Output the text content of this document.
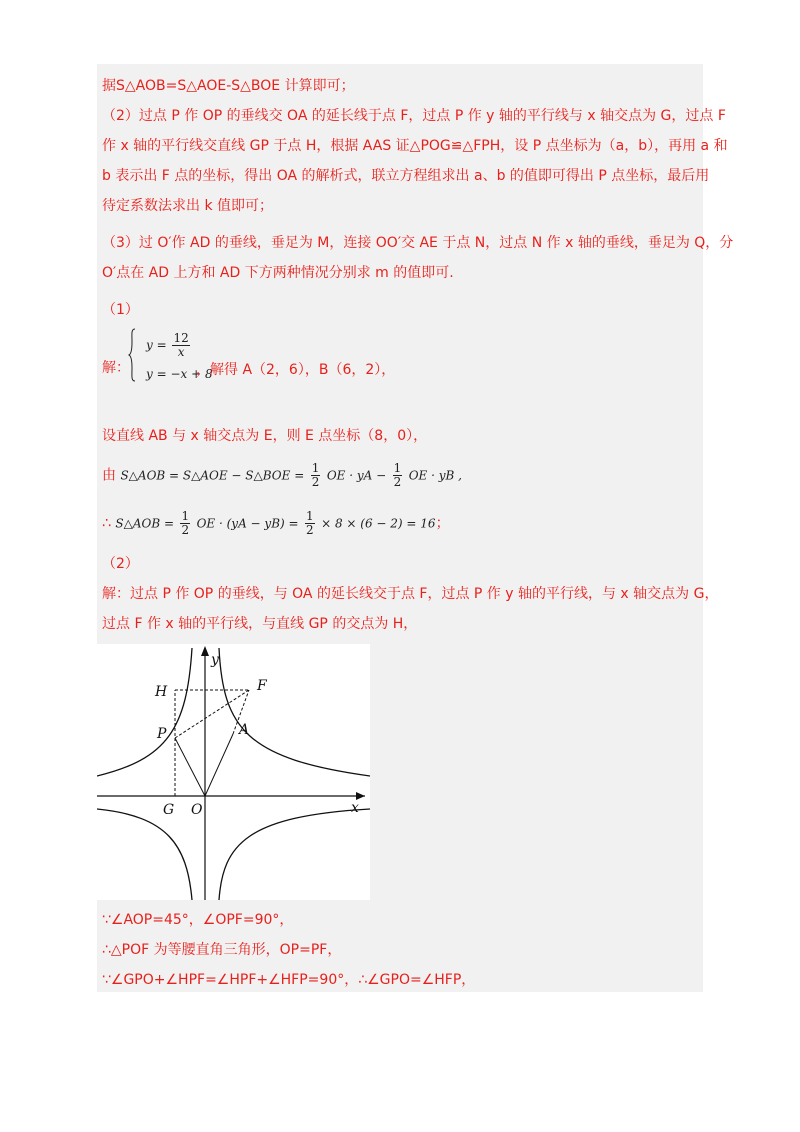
据S△AOB=S△AOE-S△BOE 计算即可；
（2）过点 P 作 OP 的垂线交 OA 的延长线于点 F，过点 P 作 y 轴的平行线与 x 轴交点为 G，过点 F
作 x 轴的平行线交直线 GP 于点 H，根据 AAS 证△POG≌△FPH，设 P 点坐标为（a，b），再用 a 和
b 表示出 F 点的坐标，得出 OA 的解析式，联立方程组求出 a、b 的值即可得出 P 点坐标，最后用
待定系数法求出 k 值即可；
（3）过 O′作 AD 的垂线，垂足为 M，连接 OO′交 AE 于点 N，过点 N 作 x 轴的垂线，垂足为 Q，分
O′点在 AD 上方和 AD 下方两种情况分别求 m 的值即可.
（1）
解：
$y = \frac{12}{x}$
y = −x + 8
，解得 A（2，6），B（6，2），
设直线 AB 与 x 轴交点为 E，则 E 点坐标（8，0），
由 S△AOB = S△AOE − S△BOE = $\frac{1}{2}$ OE · yA − $\frac{1}{2}$ OE · yB ,
∴ S△AOB = $\frac{1}{2}$ OE · $(yA - yB) = \frac{1}{2} \times 8 \times (6 - 2) = 16$；
（2）
解：过点 P 作 OP 的垂线，与 OA 的延长线交于点 F，过点 P 作 y 轴的平行线，与 x 轴交点为 G，
过点 F 作 x 轴的平行线，与直线 GP 的交点为 H，
H	F
P	A
G O	x
y
∵∠AOP=45°，∠OPF=90°，
∴△POF 为等腰直角三角形，OP=PF，
∵∠GPO+∠HPF=∠HPF+∠HFP=90°，∴∠GPO=∠HFP，
